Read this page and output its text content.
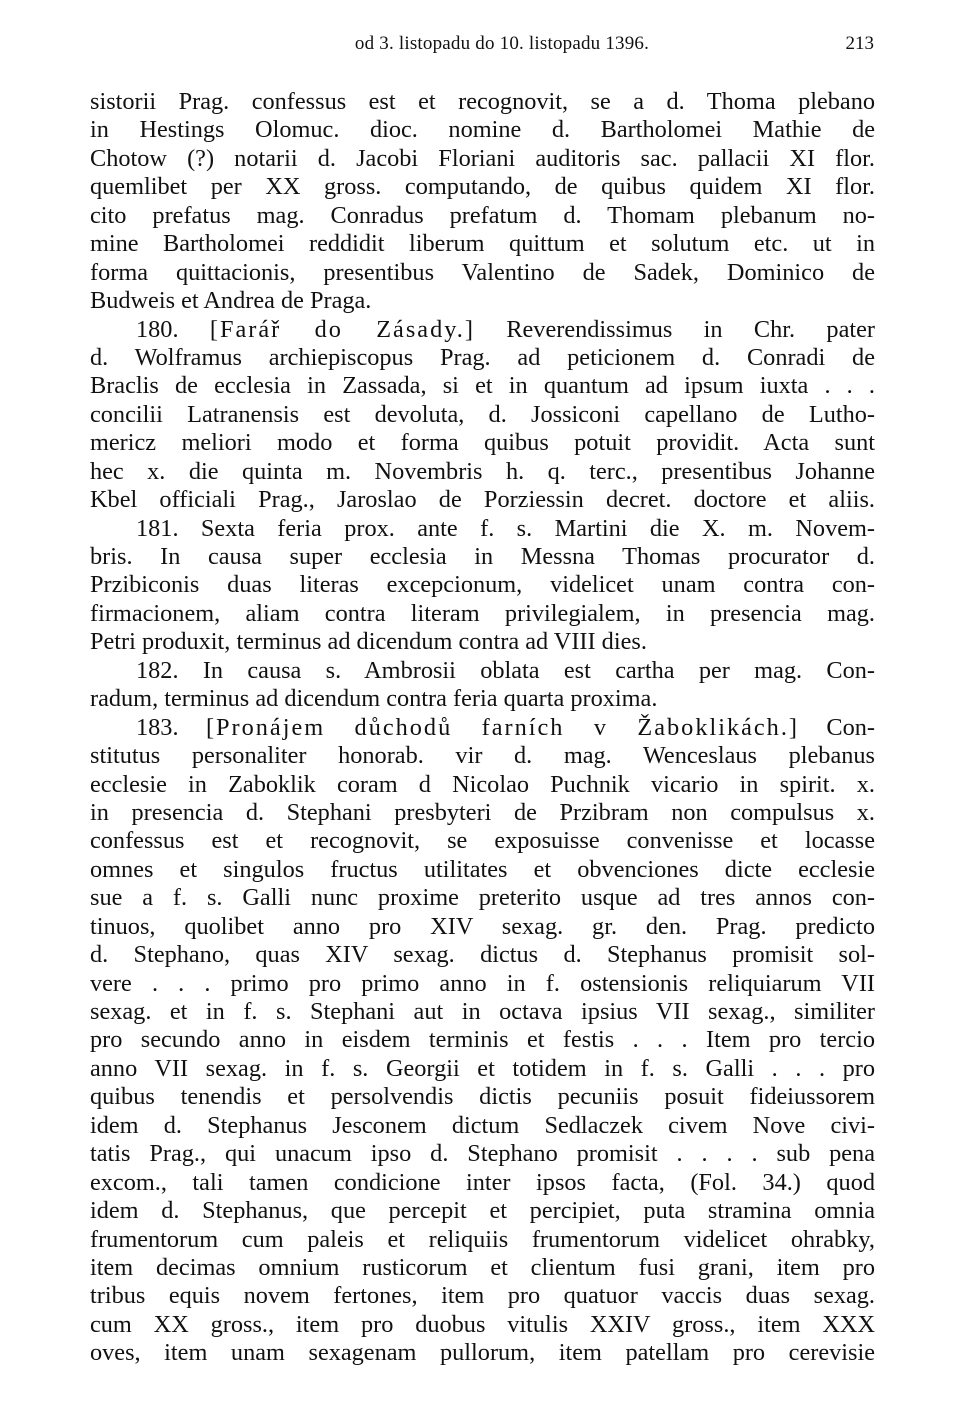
od 3. listopadu do 10. listopadu 1396.	213
sistorii Prag. confessus est et recognovit, se a d. Thoma plebano
in Hestings Olomuc. dioc. nomine d. Bartholomei Mathie de
Chotow (?) notarii d. Jacobi Floriani auditoris sac. pallacii XI flor.
quemlibet per XX gross. computando, de quibus quidem XI flor.
cito prefatus mag. Conradus prefatum d. Thomam plebanum no-
mine Bartholomei reddidit liberum quittum et solutum etc. ut in
forma quittacionis, presentibus Valentino de Sadek, Dominico de
Budweis et Andrea de Praga.
180. [Farář do Zásady.] Reverendissimus in Chr. pater
d. Wolframus archiepiscopus Prag. ad peticionem d. Conradi de
Braclis de ecclesia in Zassada, si et in quantum ad ipsum iuxta . . .
concilii Latranensis est devoluta, d. Jossiconi capellano de Lutho-
mericz meliori modo et forma quibus potuit providit. Acta sunt
hec x. die quinta m. Novembris h. q. terc., presentibus Johanne
Kbel officiali Prag., Jaroslao de Porziessin decret. doctore et aliis.
181. Sexta feria prox. ante f. s. Martini die X. m. Novem-
bris. In causa super ecclesia in Messna Thomas procurator d.
Przibiconis duas literas excepcionum, videlicet unam contra con-
firmacionem, aliam contra literam privilegialem, in presencia mag.
Petri produxit, terminus ad dicendum contra ad VIII dies.
182. In causa s. Ambrosii oblata est cartha per mag. Con-
radum, terminus ad dicendum contra feria quarta proxima.
183. [Pronájem důchodů farních v Žaboklikách.] Con-
stitutus personaliter honorab. vir d. mag. Wenceslaus plebanus
ecclesie in Zaboklik coram d Nicolao Puchnik vicario in spirit. x.
in presencia d. Stephani presbyteri de Przibram non compulsus x.
confessus est et recognovit, se exposuisse convenisse et locasse
omnes et singulos fructus utilitates et obvenciones dicte ecclesie
sue a f. s. Galli nunc proxime preterito usque ad tres annos con-
tinuos, quolibet anno pro XIV sexag. gr. den. Prag. predicto
d. Stephano, quas XIV sexag. dictus d. Stephanus promisit sol-
vere . . . primo pro primo anno in f. ostensionis reliquiarum VII
sexag. et in f. s. Stephani aut in octava ipsius VII sexag., similiter
pro secundo anno in eisdem terminis et festis . . . Item pro tercio
anno VII sexag. in f. s. Georgii et totidem in f. s. Galli . . . pro
quibus tenendis et persolvendis dictis pecuniis posuit fideiussorem
idem d. Stephanus Jesconem dictum Sedlaczek civem Nove civi-
tatis Prag., qui unacum ipso d. Stephano promisit . . . . sub pena
excom., tali tamen condicione inter ipsos facta, (Fol. 34.) quod
idem d. Stephanus, que percepit et percipiet, puta stramina omnia
frumentorum cum paleis et reliquiis frumentorum videlicet ohrabky,
item decimas omnium rusticorum et clientum fusi grani, item pro
tribus equis novem fertones, item pro quatuor vaccis duas sexag.
cum XX gross., item pro duobus vitulis XXIV gross., item XXX
oves, item unam sexagenam pullorum, item patellam pro cerevisie
